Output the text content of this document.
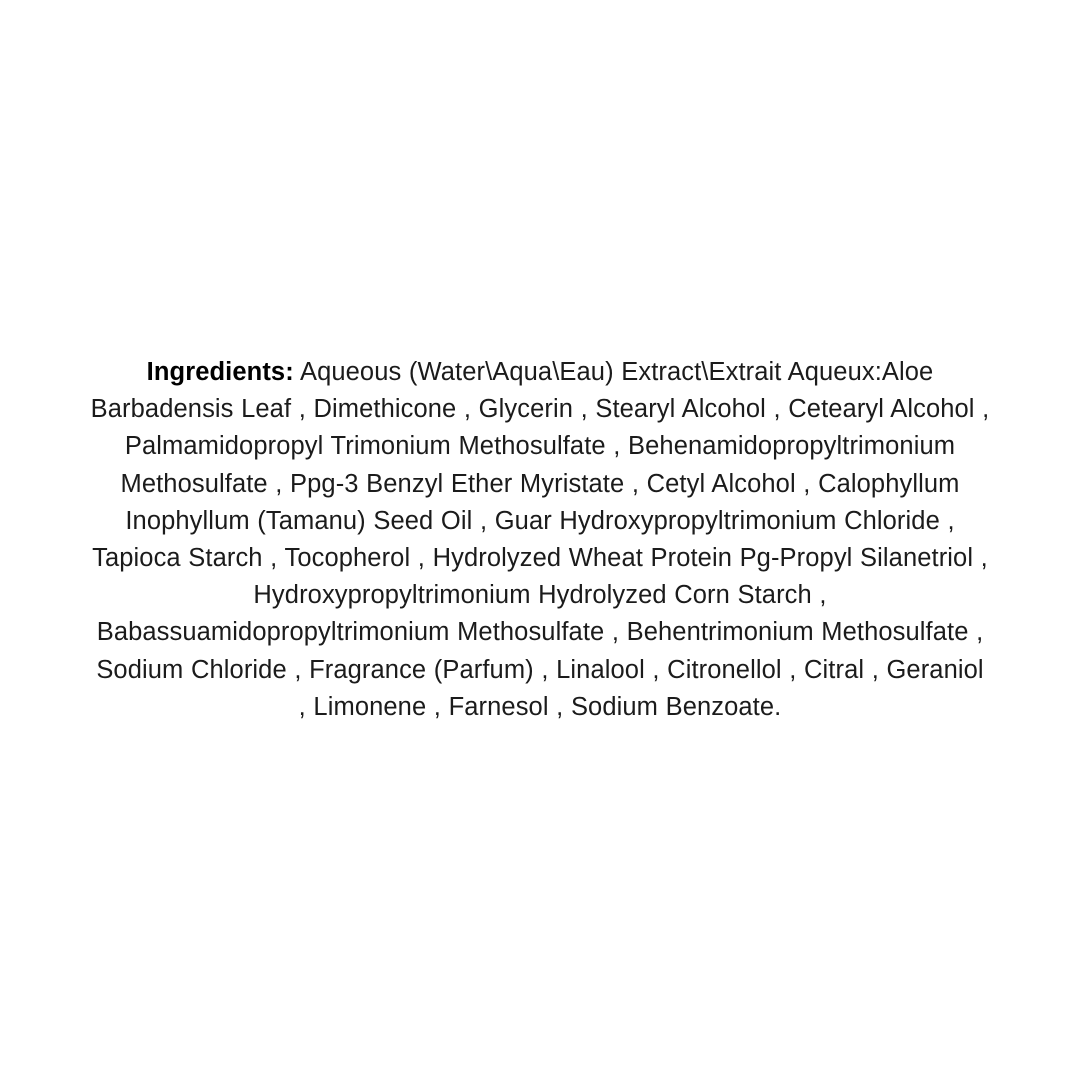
Ingredients: Aqueous (Water\Aqua\Eau) Extract\Extrait Aqueux:Aloe Barbadensis Leaf , Dimethicone , Glycerin , Stearyl Alcohol , Cetearyl Alcohol , Palmamidopropyl Trimonium Methosulfate , Behenamidopropyltrimonium Methosulfate , Ppg-3 Benzyl Ether Myristate , Cetyl Alcohol , Calophyllum Inophyllum (Tamanu) Seed Oil , Guar Hydroxypropyltrimonium Chloride , Tapioca Starch , Tocopherol , Hydrolyzed Wheat Protein Pg-Propyl Silanetriol , Hydroxypropyltrimonium Hydrolyzed Corn Starch , Babassuamidopropyltrimonium Methosulfate , Behentrimonium Methosulfate , Sodium Chloride , Fragrance (Parfum) , Linalool , Citronellol , Citral , Geraniol , Limonene , Farnesol , Sodium Benzoate.
